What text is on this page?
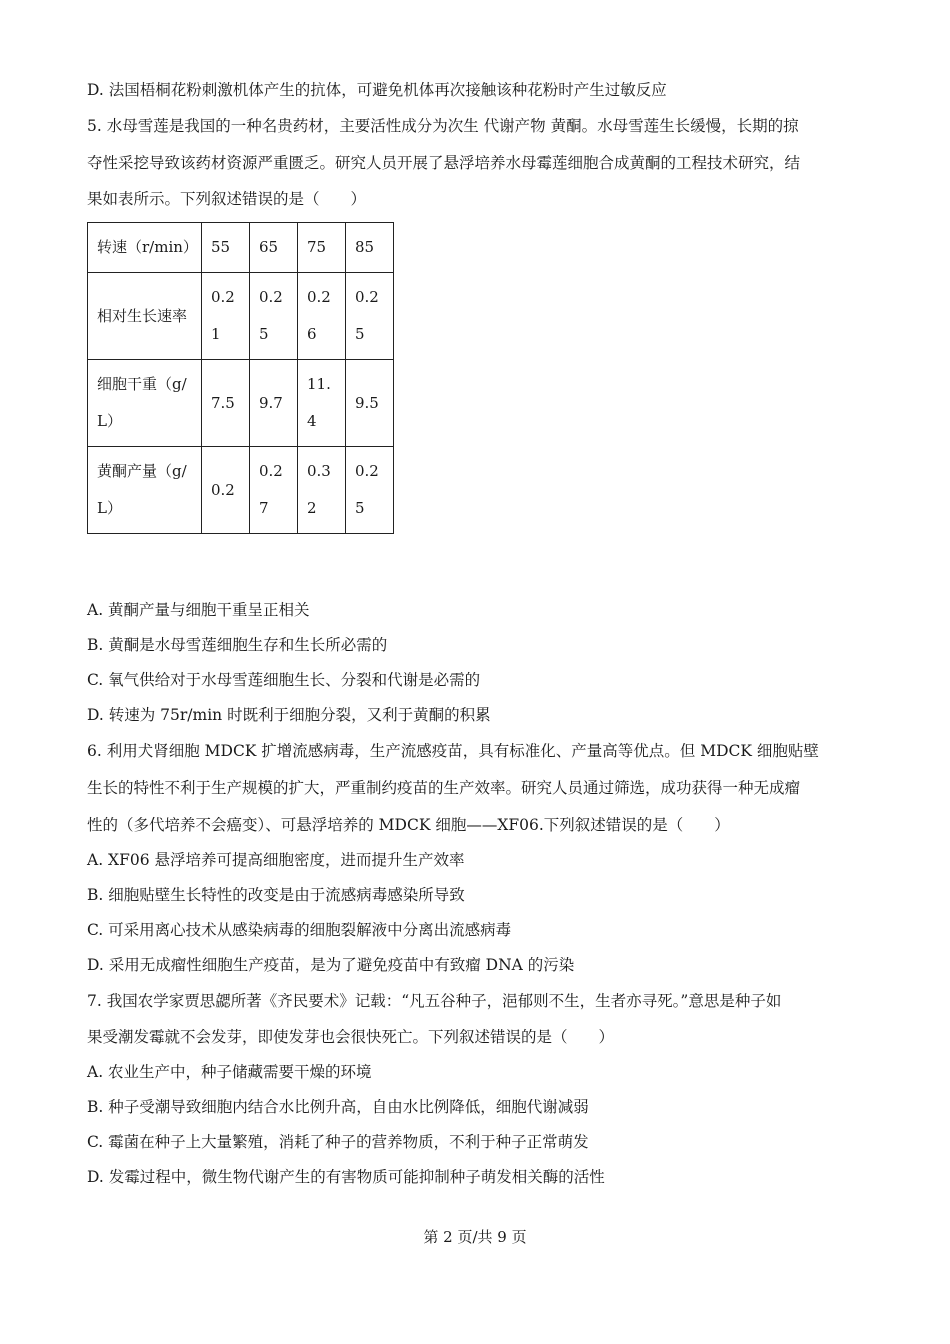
D. 法国梧桐花粉刺激机体产生的抗体，可避免机体再次接触该种花粉时产生过敏反应
5. 水母雪莲是我国的一种名贵药材，主要活性成分为次生 代谢产物 黄酮。水母雪莲生长缓慢，长期的掠
夺性采挖导致该药材资源严重匮乏。研究人员开展了悬浮培养水母霉莲细胞合成黄酮的工程技术研究，结
果如表所示。下列叙述错误的是（　　）
转速（r/min）	55	65	75	85
相对生长速率	0.21	0.25	0.26	0.25
细胞干重（g/L）	7.5	9.7	11.4	9.5
黄酮产量（g/L）	0.2	0.27	0.32	0.25
A. 黄酮产量与细胞干重呈正相关
B. 黄酮是水母雪莲细胞生存和生长所必需的
C. 氧气供给对于水母雪莲细胞生长、分裂和代谢是必需的
D. 转速为 75r/min 时既利于细胞分裂，又利于黄酮的积累
6. 利用犬肾细胞 MDCK 扩增流感病毒，生产流感疫苗，具有标准化、产量高等优点。但 MDCK 细胞贴壁
生长的特性不利于生产规模的扩大，严重制约疫苗的生产效率。研究人员通过筛选，成功获得一种无成瘤
性的（多代培养不会癌变）、可悬浮培养的 MDCK 细胞——XF06.下列叙述错误的是（　　）
A. XF06 悬浮培养可提高细胞密度，进而提升生产效率
B. 细胞贴壁生长特性的改变是由于流感病毒感染所导致
C. 可采用离心技术从感染病毒的细胞裂解液中分离出流感病毒
D. 采用无成瘤性细胞生产疫苗，是为了避免疫苗中有致瘤 DNA 的污染
7. 我国农学家贾思勰所著《齐民要术》记载：“凡五谷种子，浥郁则不生，生者亦寻死。”意思是种子如
果受潮发霉就不会发芽，即使发芽也会很快死亡。下列叙述错误的是（　　）
A. 农业生产中，种子储藏需要干燥的环境
B. 种子受潮导致细胞内结合水比例升高，自由水比例降低，细胞代谢减弱
C. 霉菌在种子上大量繁殖，消耗了种子的营养物质，不利于种子正常萌发
D. 发霉过程中，微生物代谢产生的有害物质可能抑制种子萌发相关酶的活性
第 2 页/共 9 页
